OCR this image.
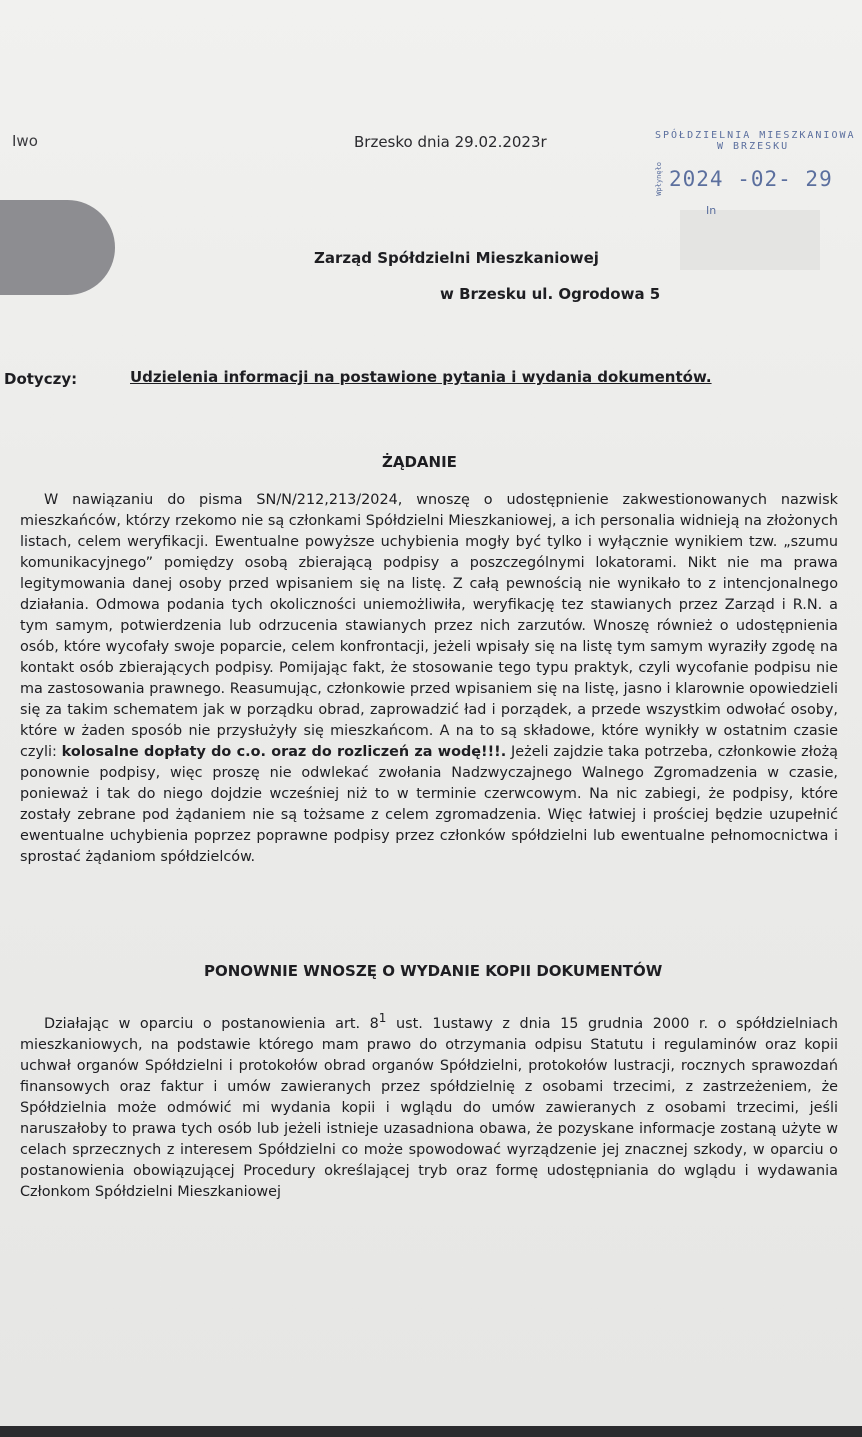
Iwo	Brzesko dnia 29.02.2023r	SPÓŁDZIELNIA MIESZKANIOWA
W BRZESKU
Wpłynęło 2024 -02- 29
In
Zarząd Spółdzielni Mieszkaniowej
w Brzesku ul. Ogrodowa 5
Dotyczy:	Udzielenia informacji na postawione pytania i wydania dokumentów.
ŻĄDANIE

W nawiązaniu do pisma SN/N/212,213/2024, wnoszę o udostępnienie zakwestionowanych nazwisk mieszkańców, którzy rzekomo nie są członkami Spółdzielni Mieszkaniowej, a ich personalia widnieją na złożonych listach, celem weryfikacji. Ewentualne powyższe uchybienia mogły być tylko i wyłącznie wynikiem tzw. „szumu komunikacyjnego” pomiędzy osobą zbierającą podpisy a poszczególnymi lokatorami. Nikt nie ma prawa legitymowania danej osoby przed wpisaniem się na listę. Z całą pewnością nie wynikało to z intencjonalnego działania. Odmowa podania tych okoliczności uniemożliwiła, weryfikację tez stawianych przez Zarząd i R.N. a tym samym, potwierdzenia lub odrzucenia stawianych przez nich zarzutów. Wnoszę również o udostępnienia osób, które wycofały swoje poparcie, celem konfrontacji, jeżeli wpisały się na listę tym samym wyraziły zgodę na kontakt osób zbierających podpisy. Pomijając fakt, że stosowanie tego typu praktyk, czyli wycofanie podpisu nie ma zastosowania prawnego. Reasumując, członkowie przed wpisaniem się na listę, jasno i klarownie opowiedzieli się za takim schematem jak w porządku obrad, zaprowadzić ład i porządek, a przede wszystkim odwołać osoby, które w żaden sposób nie przysłużyły się mieszkańcom. A na to są składowe, które wynikły w ostatnim czasie czyli: kolosalne dopłaty do c.o. oraz do rozliczeń za wodę!!!. Jeżeli zajdzie taka potrzeba, członkowie złożą ponownie podpisy, więc proszę nie odwlekać zwołania Nadzwyczajnego Walnego Zgromadzenia w czasie, ponieważ i tak do niego dojdzie wcześniej niż to w terminie czerwcowym. Na nic zabiegi, że podpisy, które zostały zebrane pod żądaniem nie są tożsame z celem zgromadzenia. Więc łatwiej i prościej będzie uzupełnić ewentualne uchybienia poprzez poprawne podpisy przez członków spółdzielni lub ewentualne pełnomocnictwa i sprostać żądaniom spółdzielców.

PONOWNIE WNOSZĘ O WYDANIE KOPII DOKUMENTÓW

Działając w oparciu o postanowienia art. $8^1$ ust. 1ustawy z dnia 15 grudnia 2000 r. o spółdzielniach mieszkaniowych, na podstawie którego mam prawo do otrzymania odpisu Statutu i regulaminów oraz kopii uchwał organów Spółdzielni i protokołów obrad organów Spółdzielni, protokołów lustracji, rocznych sprawozdań finansowych oraz faktur i umów zawieranych przez spółdzielnię z osobami trzecimi, z zastrzeżeniem, że Spółdzielnia może odmówić mi wydania kopii i wglądu do umów zawieranych z osobami trzecimi, jeśli naruszałoby to prawa tych osób lub jeżeli istnieje uzasadniona obawa, że pozyskane informacje zostaną użyte w celach sprzecznych z interesem Spółdzielni co może spowodować wyrządzenie jej znacznej szkody, w oparciu o postanowienia obowiązującej Procedury określającej tryb oraz formę udostępniania do wglądu i wydawania Członkom Spółdzielni Mieszkaniowej
